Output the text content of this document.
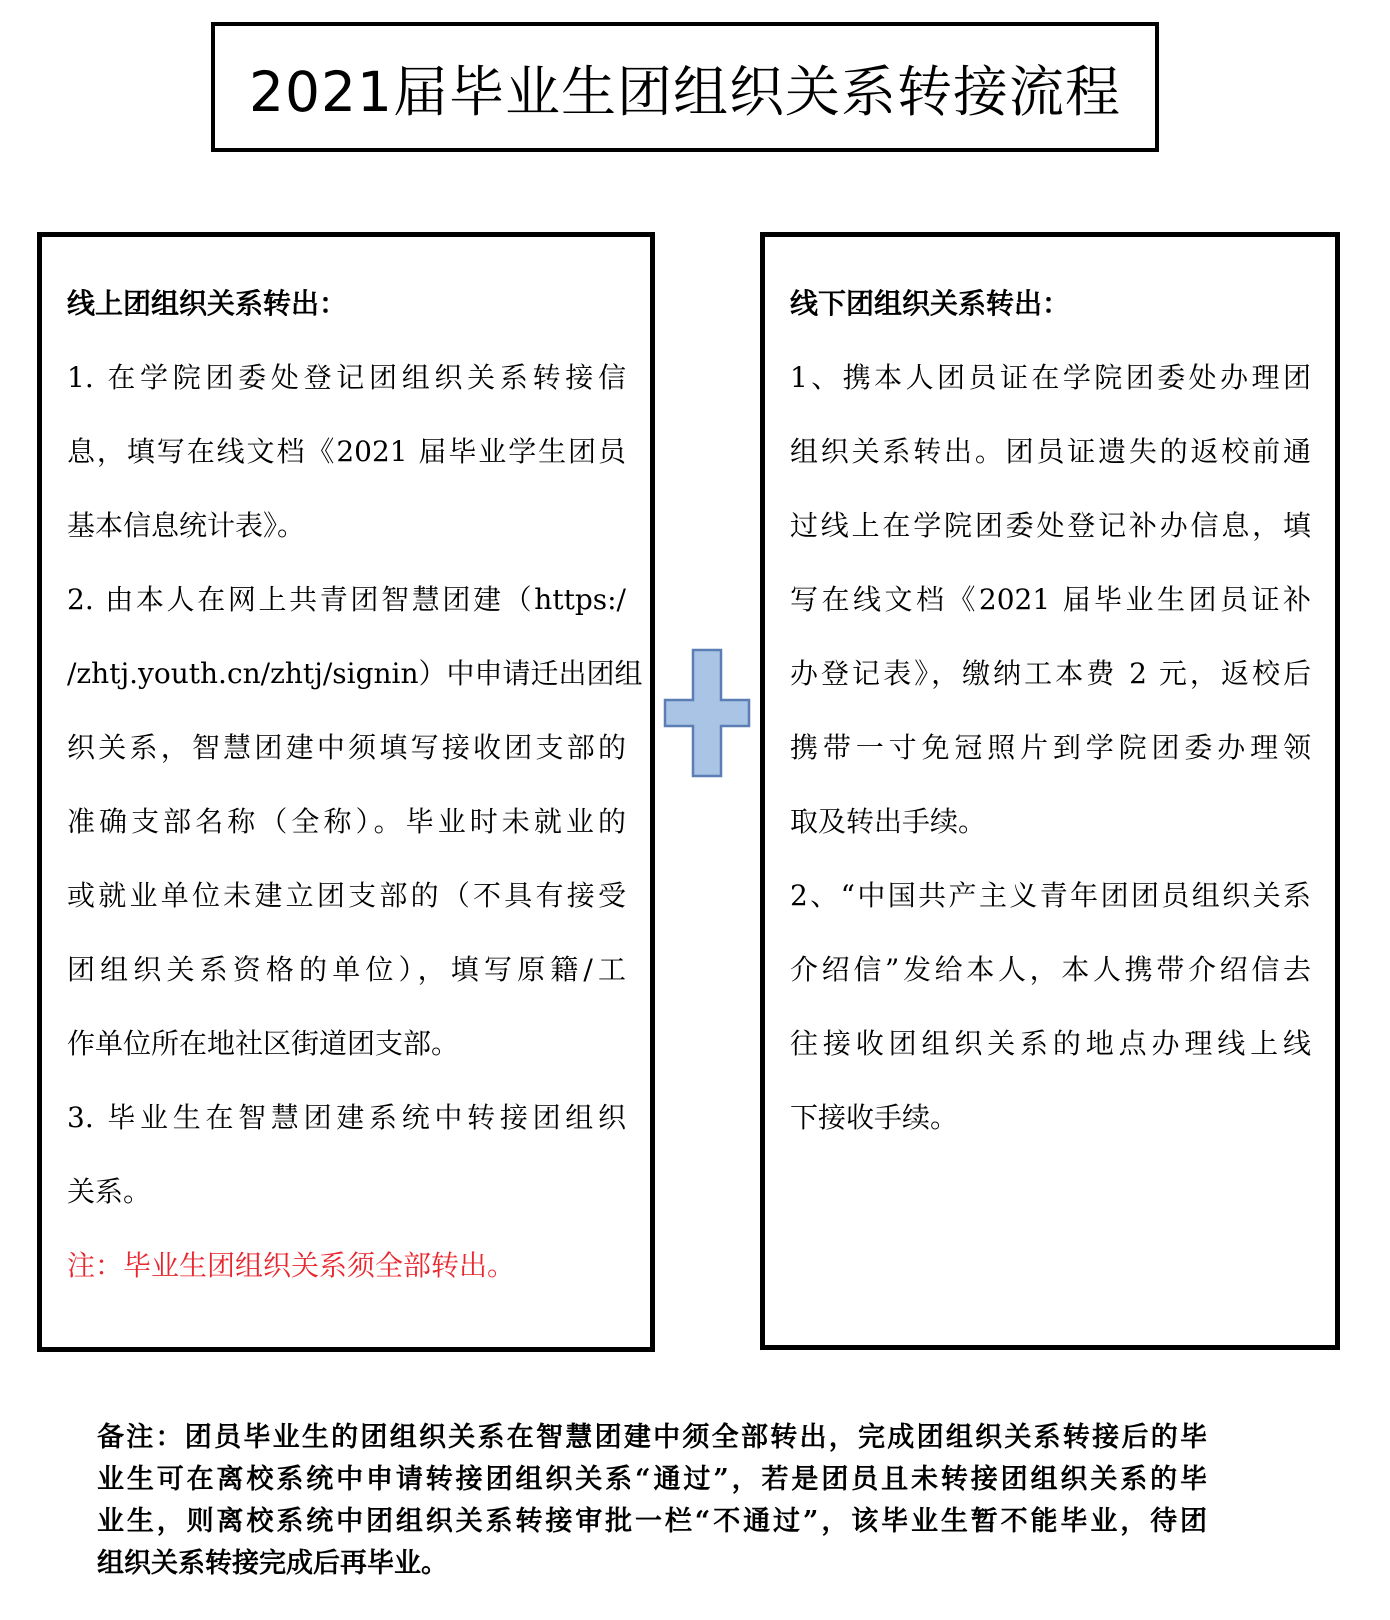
2021届毕业生团组织关系转接流程
线上团组织关系转出：
1. 在学院团委处登记团组织关系转接信
息，填写在线文档《2021 届毕业学生团员
基本信息统计表》。
2. 由本人在网上共青团智慧团建（https:/
/zhtj.youth.cn/zhtj/signin）中申请迁出团组
织关系，智慧团建中须填写接收团支部的
准确支部名称（全称）。毕业时未就业的
或就业单位未建立团支部的（不具有接受
团组织关系资格的单位），填写原籍/工
作单位所在地社区街道团支部。
3. 毕业生在智慧团建系统中转接团组织
关系。
注：毕业生团组织关系须全部转出。
线下团组织关系转出：
1、携本人团员证在学院团委处办理团
组织关系转出。团员证遗失的返校前通
过线上在学院团委处登记补办信息，填
写在线文档《2021 届毕业生团员证补
办登记表》，缴纳工本费 2 元，返校后
携带一寸免冠照片到学院团委办理领
取及转出手续。
2、“中国共产主义青年团团员组织关系
介绍信”发给本人，本人携带介绍信去
往接收团组织关系的地点办理线上线
下接收手续。
备注：团员毕业生的团组织关系在智慧团建中须全部转出，完成团组织关系转接后的毕
业生可在离校系统中申请转接团组织关系“通过”，若是团员且未转接团组织关系的毕
业生，则离校系统中团组织关系转接审批一栏“不通过”，该毕业生暂不能毕业，待团
组织关系转接完成后再毕业。
